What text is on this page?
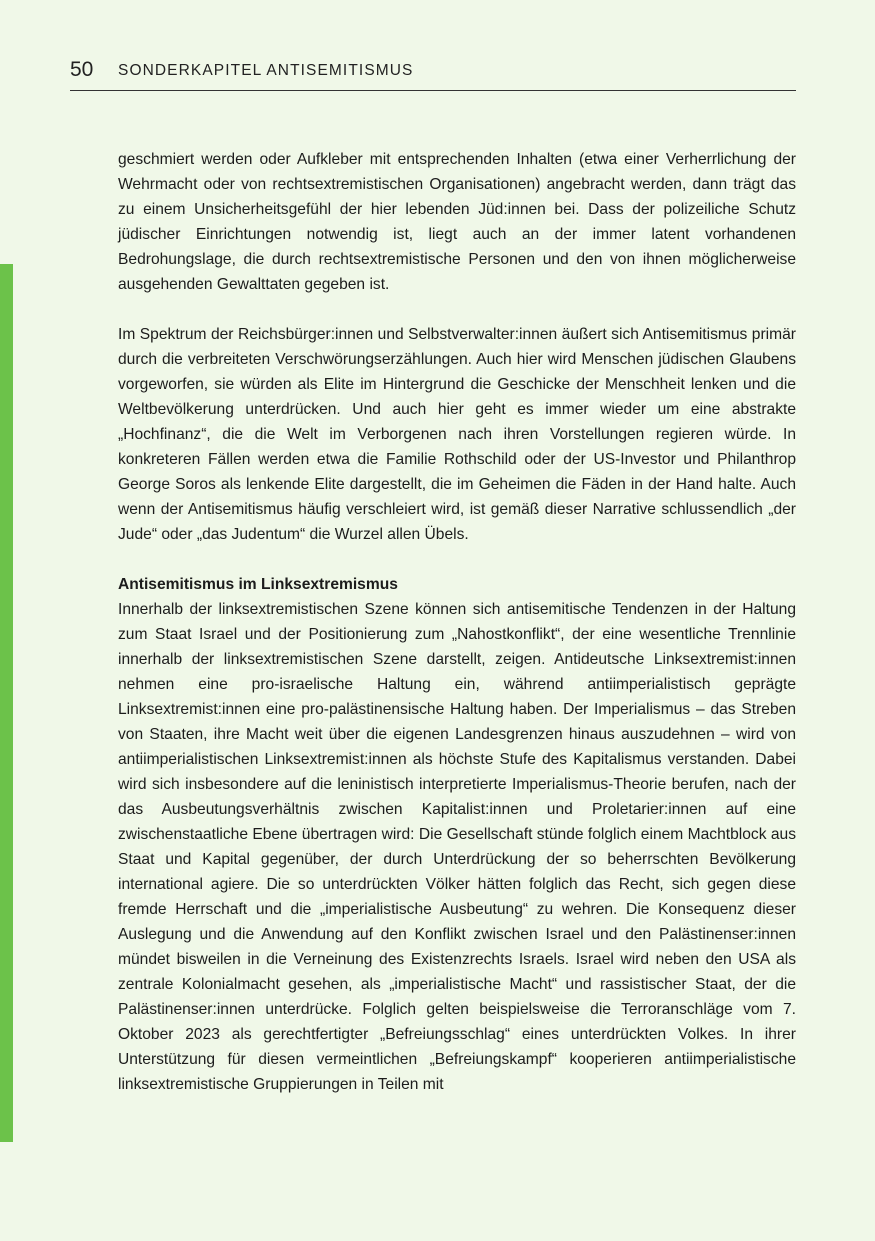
50 SONDERKAPITEL ANTISEMITISMUS

geschmiert werden oder Aufkleber mit entsprechenden Inhalten (etwa einer Verherrlichung der Wehrmacht oder von rechtsextremistischen Organisationen) angebracht werden, dann trägt das zu einem Unsicherheitsgefühl der hier lebenden Jüd:innen bei. Dass der polizeiliche Schutz jüdischer Einrichtungen notwendig ist, liegt auch an der immer latent vorhandenen Bedrohungslage, die durch rechtsextremistische Personen und den von ihnen möglicherweise ausgehenden Gewalttaten gegeben ist.

Im Spektrum der Reichsbürger:innen und Selbstverwalter:innen äußert sich Antisemitismus primär durch die verbreiteten Verschwörungserzählungen. Auch hier wird Menschen jüdischen Glaubens vorgeworfen, sie würden als Elite im Hintergrund die Geschicke der Menschheit lenken und die Weltbevölkerung unterdrücken. Und auch hier geht es immer wieder um eine abstrakte „Hochfinanz“, die die Welt im Verborgenen nach ihren Vorstellungen regieren würde. In konkreteren Fällen werden etwa die Familie Rothschild oder der US-Investor und Philanthrop George Soros als lenkende Elite dargestellt, die im Geheimen die Fäden in der Hand halte. Auch wenn der Antisemitismus häufig verschleiert wird, ist gemäß dieser Narrative schlussendlich „der Jude“ oder „das Judentum“ die Wurzel allen Übels.

Antisemitismus im Linksextremismus

Innerhalb der linksextremistischen Szene können sich antisemitische Tendenzen in der Haltung zum Staat Israel und der Positionierung zum „Nahostkonflikt“, der eine wesentliche Trennlinie innerhalb der linksextremistischen Szene darstellt, zeigen. Antideutsche Linksextremist:innen nehmen eine pro-israelische Haltung ein, während antiimperialistisch geprägte Linksextremist:innen eine pro-palästinensische Haltung haben. Der Imperialismus – das Streben von Staaten, ihre Macht weit über die eigenen Landesgrenzen hinaus auszudehnen – wird von antiimperialistischen Linksextremist:innen als höchste Stufe des Kapitalismus verstanden. Dabei wird sich insbesondere auf die leninistisch interpretierte Imperialismus-Theorie berufen, nach der das Ausbeutungsverhältnis zwischen Kapitalist:innen und Proletarier:innen auf eine zwischenstaatliche Ebene übertragen wird: Die Gesellschaft stünde folglich einem Machtblock aus Staat und Kapital gegenüber, der durch Unterdrückung der so beherrschten Bevölkerung international agiere. Die so unterdrückten Völker hätten folglich das Recht, sich gegen diese fremde Herrschaft und die „imperialistische Ausbeutung“ zu wehren. Die Konsequenz dieser Auslegung und die Anwendung auf den Konflikt zwischen Israel und den Palästinenser:innen mündet bisweilen in die Verneinung des Existenzrechts Israels. Israel wird neben den USA als zentrale Kolonialmacht gesehen, als „imperialistische Macht“ und rassistischer Staat, der die Palästinenser:innen unterdrücke. Folglich gelten beispielsweise die Terroranschläge vom 7. Oktober 2023 als gerechtfertigter „Befreiungsschlag“ eines unterdrückten Volkes. In ihrer Unterstützung für diesen vermeintlichen „Befreiungskampf“ kooperieren antiimperialistische linksextremistische Gruppierungen in Teilen mit
